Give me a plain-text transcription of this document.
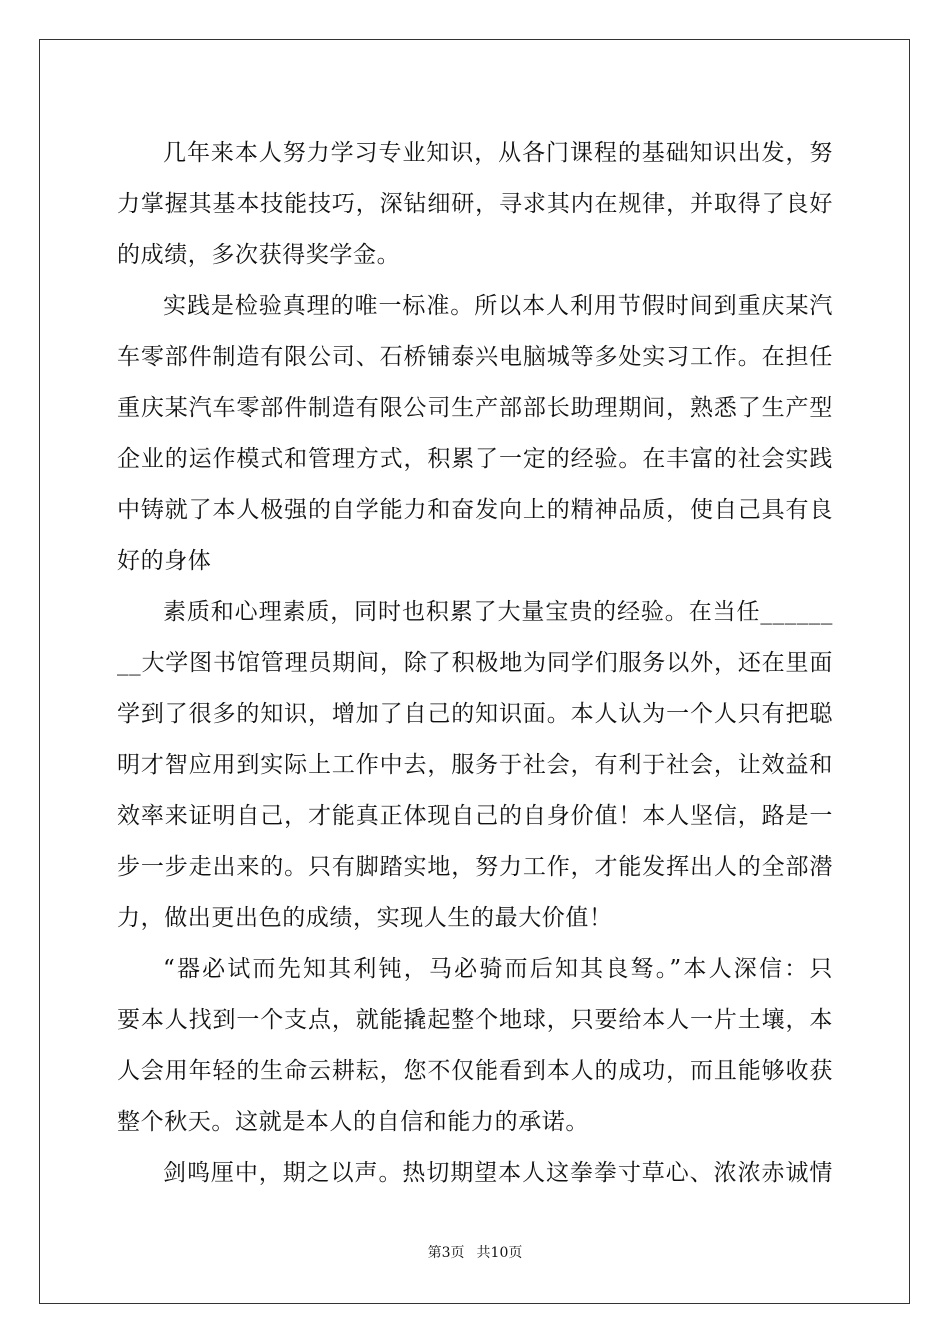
几年来本人努力学习专业知识，从各门课程的基础知识出发，努
力掌握其基本技能技巧，深钻细研，寻求其内在规律，并取得了良好
的成绩，多次获得奖学金。
实践是检验真理的唯一标准。所以本人利用节假时间到重庆某汽
车零部件制造有限公司、石桥铺泰兴电脑城等多处实习工作。在担任
重庆某汽车零部件制造有限公司生产部部长助理期间，熟悉了生产型
企业的运作模式和管理方式，积累了一定的经验。在丰富的社会实践
中铸就了本人极强的自学能力和奋发向上的精神品质，使自己具有良
好的身体
素质和心理素质，同时也积累了大量宝贵的经验。在当任______
__大学图书馆管理员期间，除了积极地为同学们服务以外，还在里面
学到了很多的知识，增加了自己的知识面。本人认为一个人只有把聪
明才智应用到实际上工作中去，服务于社会，有利于社会，让效益和
效率来证明自己，才能真正体现自己的自身价值！本人坚信，路是一
步一步走出来的。只有脚踏实地，努力工作，才能发挥出人的全部潜
力，做出更出色的成绩，实现人生的最大价值！
“器必试而先知其利钝，马必骑而后知其良驽。”本人深信：只
要本人找到一个支点，就能撬起整个地球，只要给本人一片土壤，本
人会用年轻的生命云耕耘，您不仅能看到本人的成功，而且能够收获
整个秋天。这就是本人的自信和能力的承诺。
剑鸣厘中，期之以声。热切期望本人这拳拳寸草心、浓浓赤诚情
第3页 共10页
